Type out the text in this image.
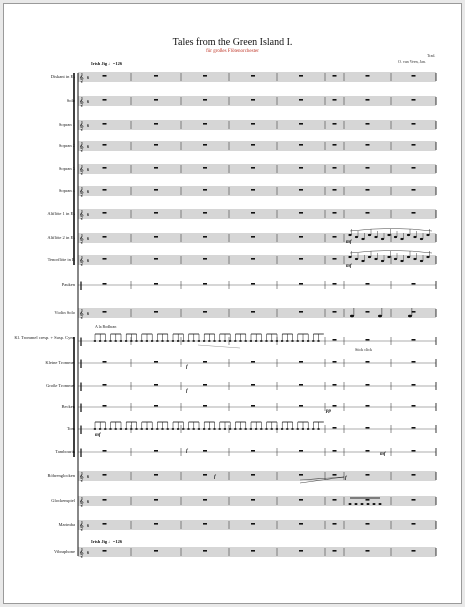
Tales from the Green Island I.
für großes Flötenorchester
Trad.
O. van Veen, Jan.
Irish Jig ♩=126
Irish Jig ♩=126
Diskant in Es
Solo
Sopran 1
Sopran 2
Sopran 3
Sopran 4
Altflöte 1 in Es
Altflöte 2 in Es
Tenorflöte in B
Pauken
Violin Solo
Kl. Trommel cresp. + Susp. Cym.
Kleine Trommel
Große Trommel
Becken
Tom
Tambourin
Röhrenglocken
Glockenspiel
Marimba
Vibraphone
𝄞 6
𝄞 6
𝄞 6
𝄞 6
𝄞 6
𝄞 6
𝄞 6
𝄞 6
𝄞 6
‖
𝄞 6
‖
‖
‖
‖
‖
‖
𝄞 6
𝄞 6
𝄞 6
𝄞 6
A la Bodhran
Stick click
mf
mf
mf
f
f
f
f	f
mf
pp
